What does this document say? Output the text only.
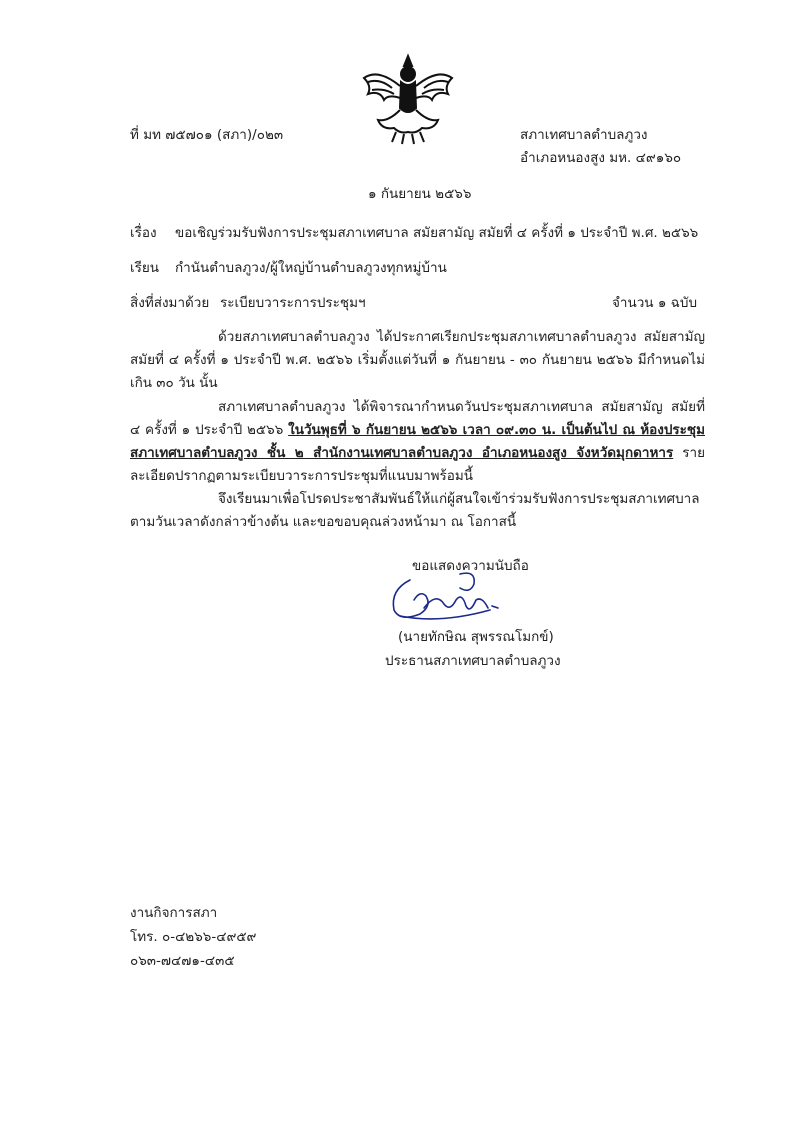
ที่ มท ๗๕๗๐๑ (สภา)/๐๒๓	สภาเทศบาลตำบลภูวง
อำเภอหนองสูง มห. ๔๙๑๖๐
๑ กันยายน ๒๕๖๖
เรื่อง ขอเชิญร่วมรับฟังการประชุมสภาเทศบาล สมัยสามัญ สมัยที่ ๔ ครั้งที่ ๑ ประจำปี พ.ศ. ๒๕๖๖
เรียน กำนันตำบลภูวง/ผู้ใหญ่บ้านตำบลภูวงทุกหมู่บ้าน
สิ่งที่ส่งมาด้วย ระเบียบวาระการประชุมฯ	จำนวน ๑ ฉบับ
ด้วยสภาเทศบาลตำบลภูวง ได้ประกาศเรียกประชุมสภาเทศบาลตำบลภูวง สมัยสามัญ สมัยที่ ๔ ครั้งที่ ๑ ประจำปี พ.ศ. ๒๕๖๖ เริ่มตั้งแต่วันที่ ๑ กันยายน - ๓๐ กันยายน ๒๕๖๖ มีกำหนดไม่เกิน ๓๐ วัน นั้น
สภาเทศบาลตำบลภูวง ได้พิจารณากำหนดวันประชุมสภาเทศบาล สมัยสามัญ สมัยที่ ๔ ครั้งที่ ๑ ประจำปี ๒๕๖๖ ในวันพุธที่ ๖ กันยายน ๒๕๖๖ เวลา ๐๙.๓๐ น. เป็นต้นไป ณ ห้องประชุมสภาเทศบาลตำบลภูวง ชั้น ๒ สำนักงานเทศบาลตำบลภูวง อำเภอหนองสูง จังหวัดมุกดาหาร รายละเอียดปรากฏตามระเบียบวาระการประชุมที่แนบมาพร้อมนี้
จึงเรียนมาเพื่อโปรดประชาสัมพันธ์ให้แก่ผู้สนใจเข้าร่วมรับฟังการประชุมสภาเทศบาล ตามวันเวลาดังกล่าวข้างต้น และขอขอบคุณล่วงหน้ามา ณ โอกาสนี้
ขอแสดงความนับถือ
(นายทักษิณ สุพรรณโมกข์)
ประธานสภาเทศบาลตำบลภูวง
งานกิจการสภา
โทร. ๐-๔๒๖๖-๔๙๕๙
๐๖๓-๗๔๗๑-๔๓๕
